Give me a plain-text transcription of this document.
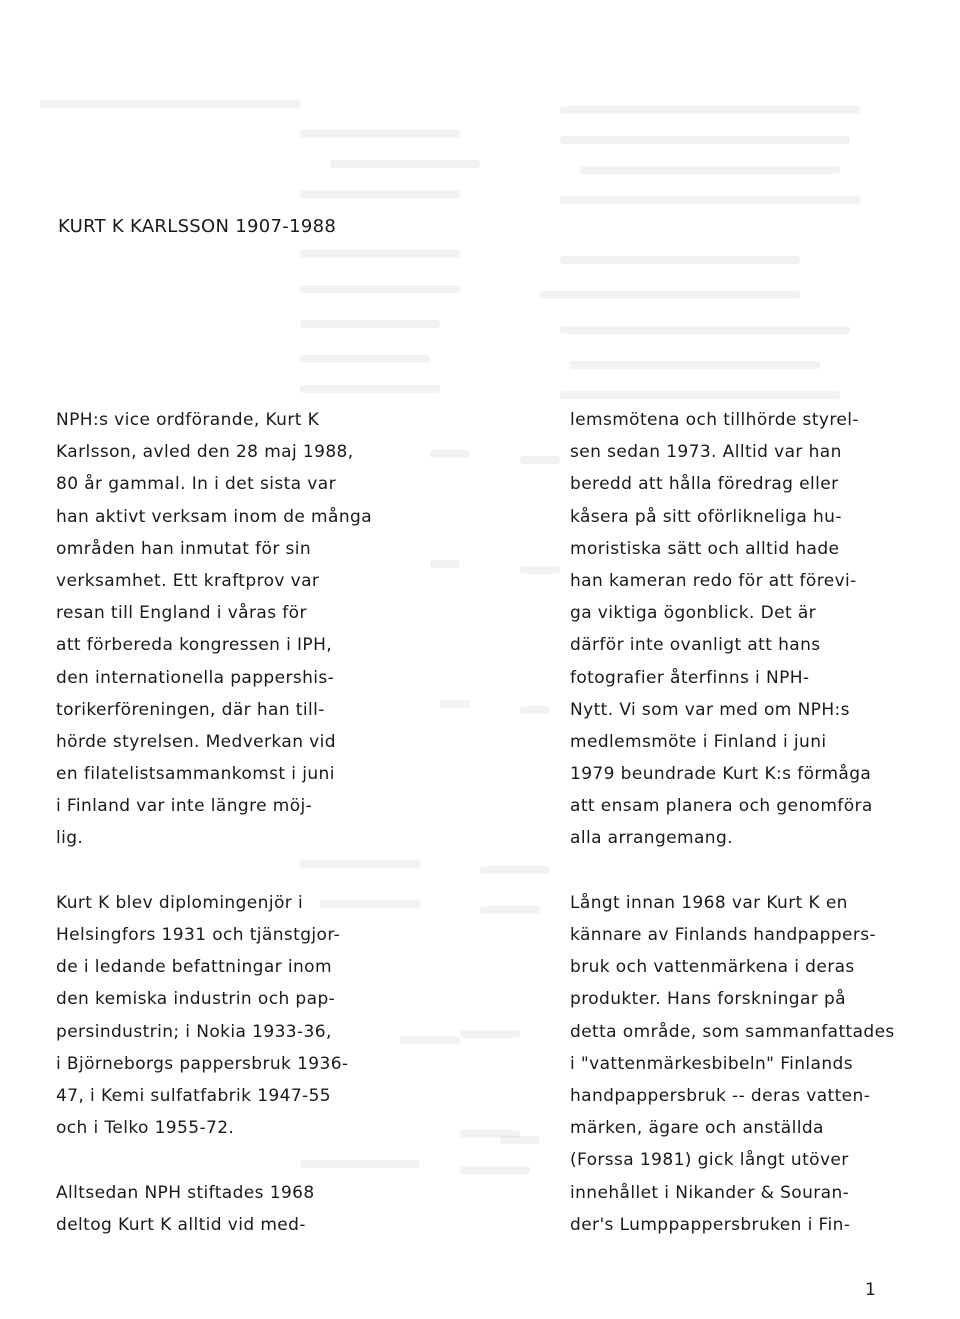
KURT K KARLSSON 1907-1988
NPH:s vice ordförande, Kurt K
Karlsson, avled den 28 maj 1988,
80 år gammal. In i det sista var
han aktivt verksam inom de många
områden han inmutat för sin
verksamhet. Ett kraftprov var
resan till England i våras för
att förbereda kongressen i IPH,
den internationella pappershis-
torikerföreningen, där han till-
hörde styrelsen. Medverkan vid
en filatelistsammankomst i juni
i Finland var inte längre möj-
lig.
Kurt K blev diplomingenjör i
Helsingfors 1931 och tjänstgjor-
de i ledande befattningar inom
den kemiska industrin och pap-
persindustrin; i Nokia 1933-36,
i Björneborgs pappersbruk 1936-
47, i Kemi sulfatfabrik 1947-55
och i Telko 1955-72.
Alltsedan NPH stiftades 1968
deltog Kurt K alltid vid med-
lemsmötena och tillhörde styrel-
sen sedan 1973. Alltid var han
beredd att hålla föredrag eller
kåsera på sitt oförlikneliga hu-
moristiska sätt och alltid hade
han kameran redo för att förevi-
ga viktiga ögonblick. Det är
därför inte ovanligt att hans
fotografier återfinns i NPH-
Nytt. Vi som var med om NPH:s
medlemsmöte i Finland i juni
1979 beundrade Kurt K:s förmåga
att ensam planera och genomföra
alla arrangemang.
Långt innan 1968 var Kurt K en
kännare av Finlands handpappers-
bruk och vattenmärkena i deras
produkter. Hans forskningar på
detta område, som sammanfattades
i "vattenmärkesbibeln" Finlands
handpappersbruk -- deras vatten-
märken, ägare och anställda
(Forssa 1981) gick långt utöver
innehållet i Nikander & Souran-
der's Lumppappersbruken i Fin-
1
